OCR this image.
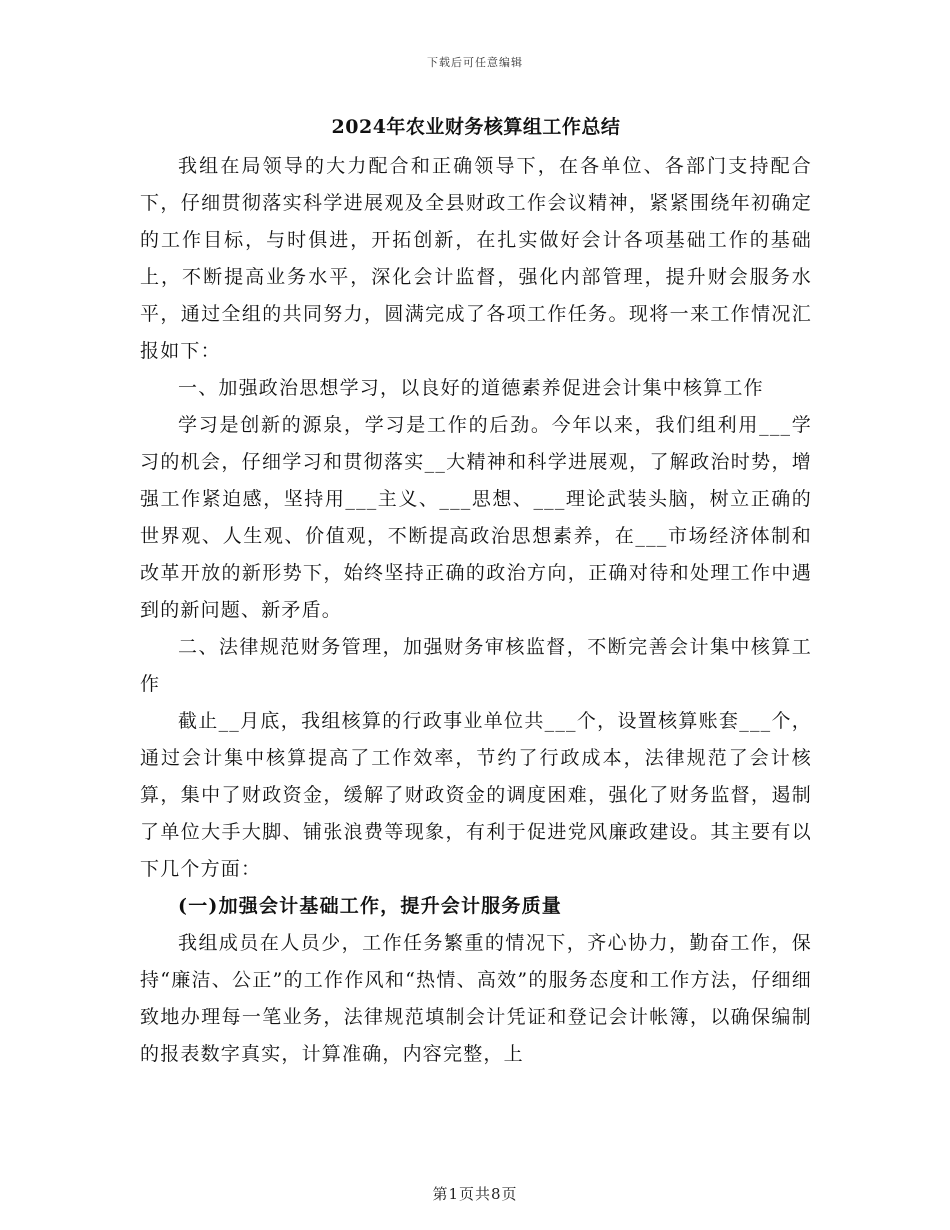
下载后可任意编辑
2024年农业财务核算组工作总结

我组在局领导的大力配合和正确领导下，在各单位、各部门支持配合下，仔细贯彻落实科学进展观及全县财政工作会议精神，紧紧围绕年初确定的工作目标，与时俱进，开拓创新，在扎实做好会计各项基础工作的基础上，不断提高业务水平，深化会计监督，强化内部管理，提升财会服务水平，通过全组的共同努力，圆满完成了各项工作任务。现将一来工作情况汇报如下：

一、加强政治思想学习，以良好的道德素养促进会计集中核算工作

学习是创新的源泉，学习是工作的后劲。今年以来，我们组利用___学习的机会，仔细学习和贯彻落实__大精神和科学进展观，了解政治时势，增强工作紧迫感，坚持用___主义、___思想、___理论武装头脑，树立正确的世界观、人生观、价值观，不断提高政治思想素养，在___市场经济体制和改革开放的新形势下，始终坚持正确的政治方向，正确对待和处理工作中遇到的新问题、新矛盾。

二、法律规范财务管理，加强财务审核监督，不断完善会计集中核算工作

截止__月底，我组核算的行政事业单位共___个，设置核算账套___个，通过会计集中核算提高了工作效率，节约了行政成本，法律规范了会计核算，集中了财政资金，缓解了财政资金的调度困难，强化了财务监督，遏制了单位大手大脚、铺张浪费等现象，有利于促进党风廉政建设。其主要有以下几个方面：

(一)加强会计基础工作，提升会计服务质量

我组成员在人员少，工作任务繁重的情况下，齐心协力，勤奋工作，保持“廉洁、公正”的工作作风和“热情、高效”的服务态度和工作方法，仔细细致地办理每一笔业务，法律规范填制会计凭证和登记会计帐簿，以确保编制的报表数字真实，计算准确，内容完整，上

第1页共8页
